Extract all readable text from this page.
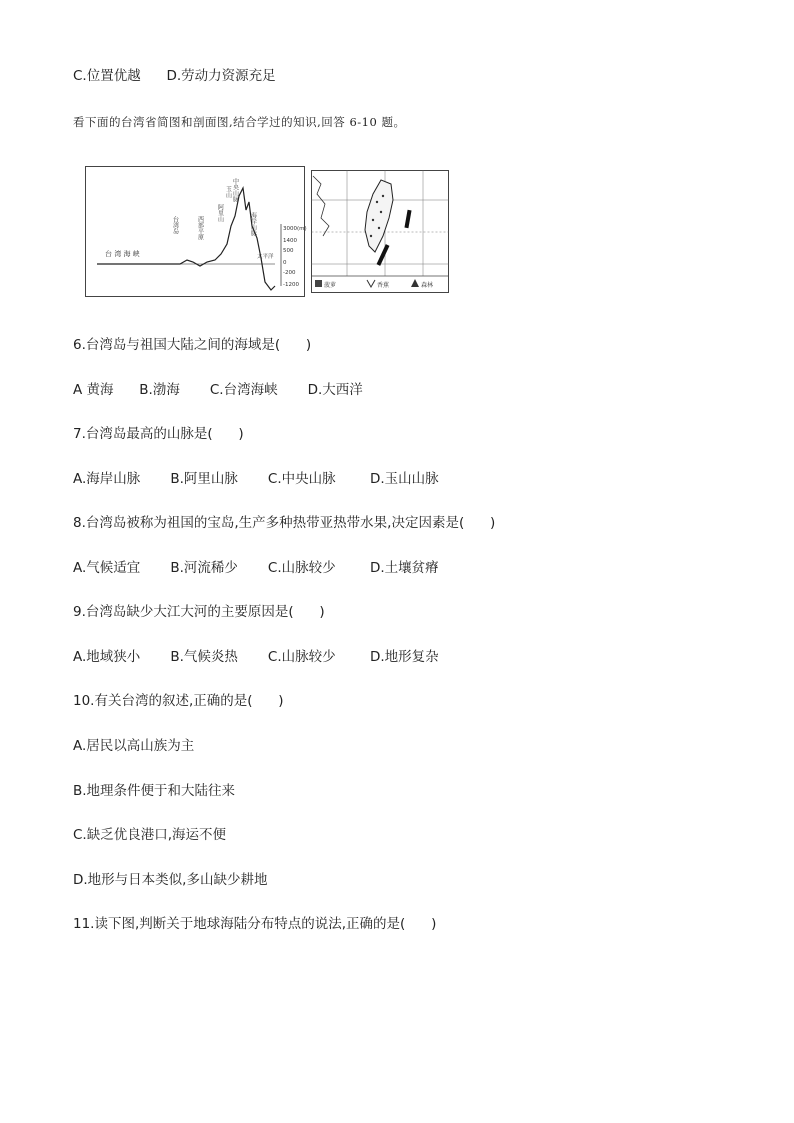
C.位置优越      D.劳动力资源充足
看下面的台湾省简图和剖面图,结合学过的知识,回答 6-10 题。
台 湾 海 峡
中央山脉
玉山
阿里山
西部平原
台湾岛	海岸山脉	3000(m)
1400
500
0
-200
-1200
太平洋
菠萝	香蕉	森林
6.台湾岛与祖国大陆之间的海域是(      )
A 黄海      B.渤海       C.台湾海峡       D.大西洋
7.台湾岛最高的山脉是(      )
A.海岸山脉       B.阿里山脉       C.中央山脉        D.玉山山脉
8.台湾岛被称为祖国的宝岛,生产多种热带亚热带水果,决定因素是(      )
A.气候适宜       B.河流稀少       C.山脉较少        D.土壤贫瘠
9.台湾岛缺少大江大河的主要原因是(      )
A.地域狭小       B.气候炎热       C.山脉较少        D.地形复杂
10.有关台湾的叙述,正确的是(      )
A.居民以高山族为主
B.地理条件便于和大陆往来
C.缺乏优良港口,海运不便
D.地形与日本类似,多山缺少耕地
11.读下图,判断关于地球海陆分布特点的说法,正确的是(      )
